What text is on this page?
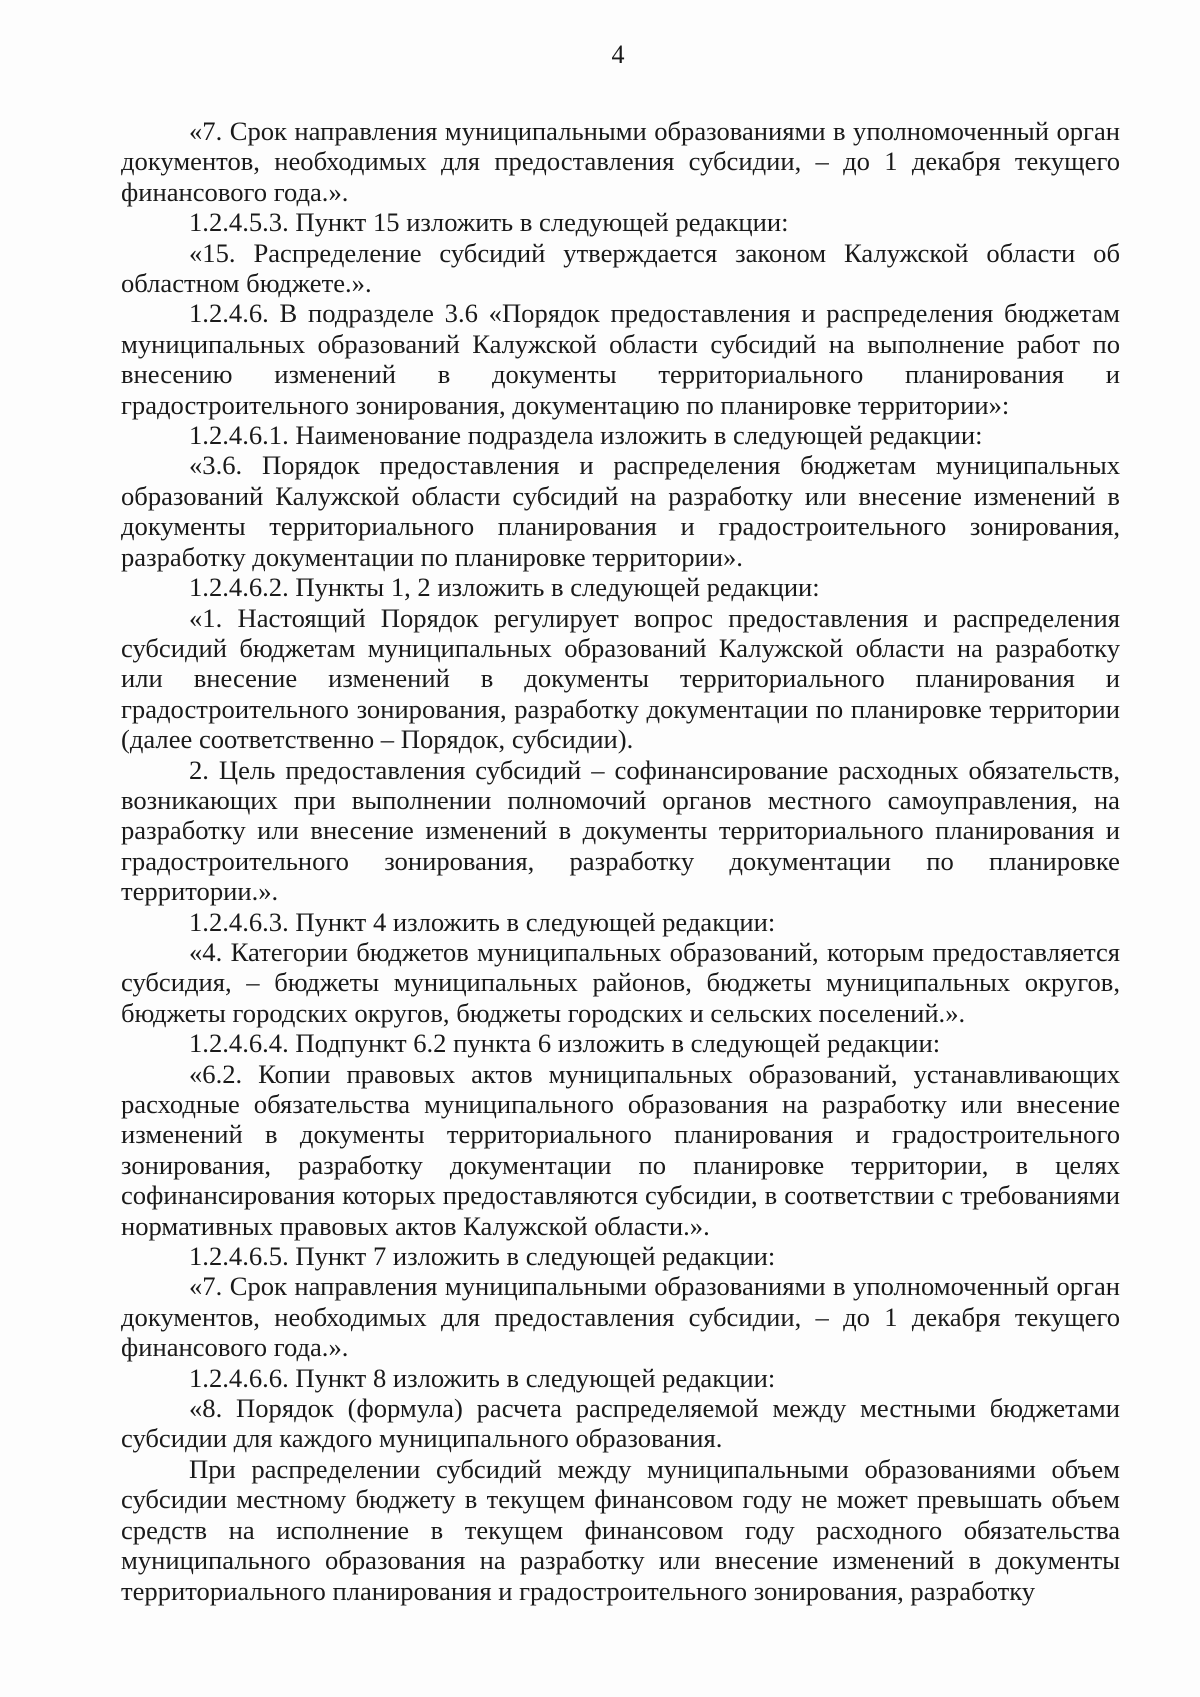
4

«7. Срок направления муниципальными образованиями в уполномоченный орган документов, необходимых для предоставления субсидии, – до 1 декабря текущего финансового года.».

1.2.4.5.3. Пункт 15 изложить в следующей редакции:

«15. Распределение субсидий утверждается законом Калужской области об областном бюджете.».

1.2.4.6. В подразделе 3.6 «Порядок предоставления и распределения бюджетам муниципальных образований Калужской области субсидий на выполнение работ по внесению изменений в документы территориального планирования и градостроительного зонирования, документацию по планировке территории»:

1.2.4.6.1. Наименование подраздела изложить в следующей редакции:

«3.6. Порядок предоставления и распределения бюджетам муниципальных образований Калужской области субсидий на разработку или внесение изменений в документы территориального планирования и градостроительного зонирования, разработку документации по планировке территории».

1.2.4.6.2. Пункты 1, 2 изложить в следующей редакции:

«1. Настоящий Порядок регулирует вопрос предоставления и распределения субсидий бюджетам муниципальных образований Калужской области на разработку или внесение изменений в документы территориального планирования и градостроительного зонирования, разработку документации по планировке территории (далее соответственно – Порядок, субсидии).

2. Цель предоставления субсидий – софинансирование расходных обязательств, возникающих при выполнении полномочий органов местного самоуправления, на разработку или внесение изменений в документы территориального планирования и градостроительного зонирования, разработку документации по планировке территории.».

1.2.4.6.3. Пункт 4 изложить в следующей редакции:

«4. Категории бюджетов муниципальных образований, которым предоставляется субсидия, – бюджеты муниципальных районов, бюджеты муниципальных округов, бюджеты городских округов, бюджеты городских и сельских поселений.».

1.2.4.6.4. Подпункт 6.2 пункта 6 изложить в следующей редакции:

«6.2. Копии правовых актов муниципальных образований, устанавливающих расходные обязательства муниципального образования на разработку или внесение изменений в документы территориального планирования и градостроительного зонирования, разработку документации по планировке территории, в целях софинансирования которых предоставляются субсидии, в соответствии с требованиями нормативных правовых актов Калужской области.».

1.2.4.6.5. Пункт 7 изложить в следующей редакции:

«7. Срок направления муниципальными образованиями в уполномоченный орган документов, необходимых для предоставления субсидии, – до 1 декабря текущего финансового года.».

1.2.4.6.6. Пункт 8 изложить в следующей редакции:

«8. Порядок (формула) расчета распределяемой между местными бюджетами субсидии для каждого муниципального образования.

При распределении субсидий между муниципальными образованиями объем субсидии местному бюджету в текущем финансовом году не может превышать объем средств на исполнение в текущем финансовом году расходного обязательства муниципального образования на разработку или внесение изменений в документы территориального планирования и градостроительного зонирования, разработку
